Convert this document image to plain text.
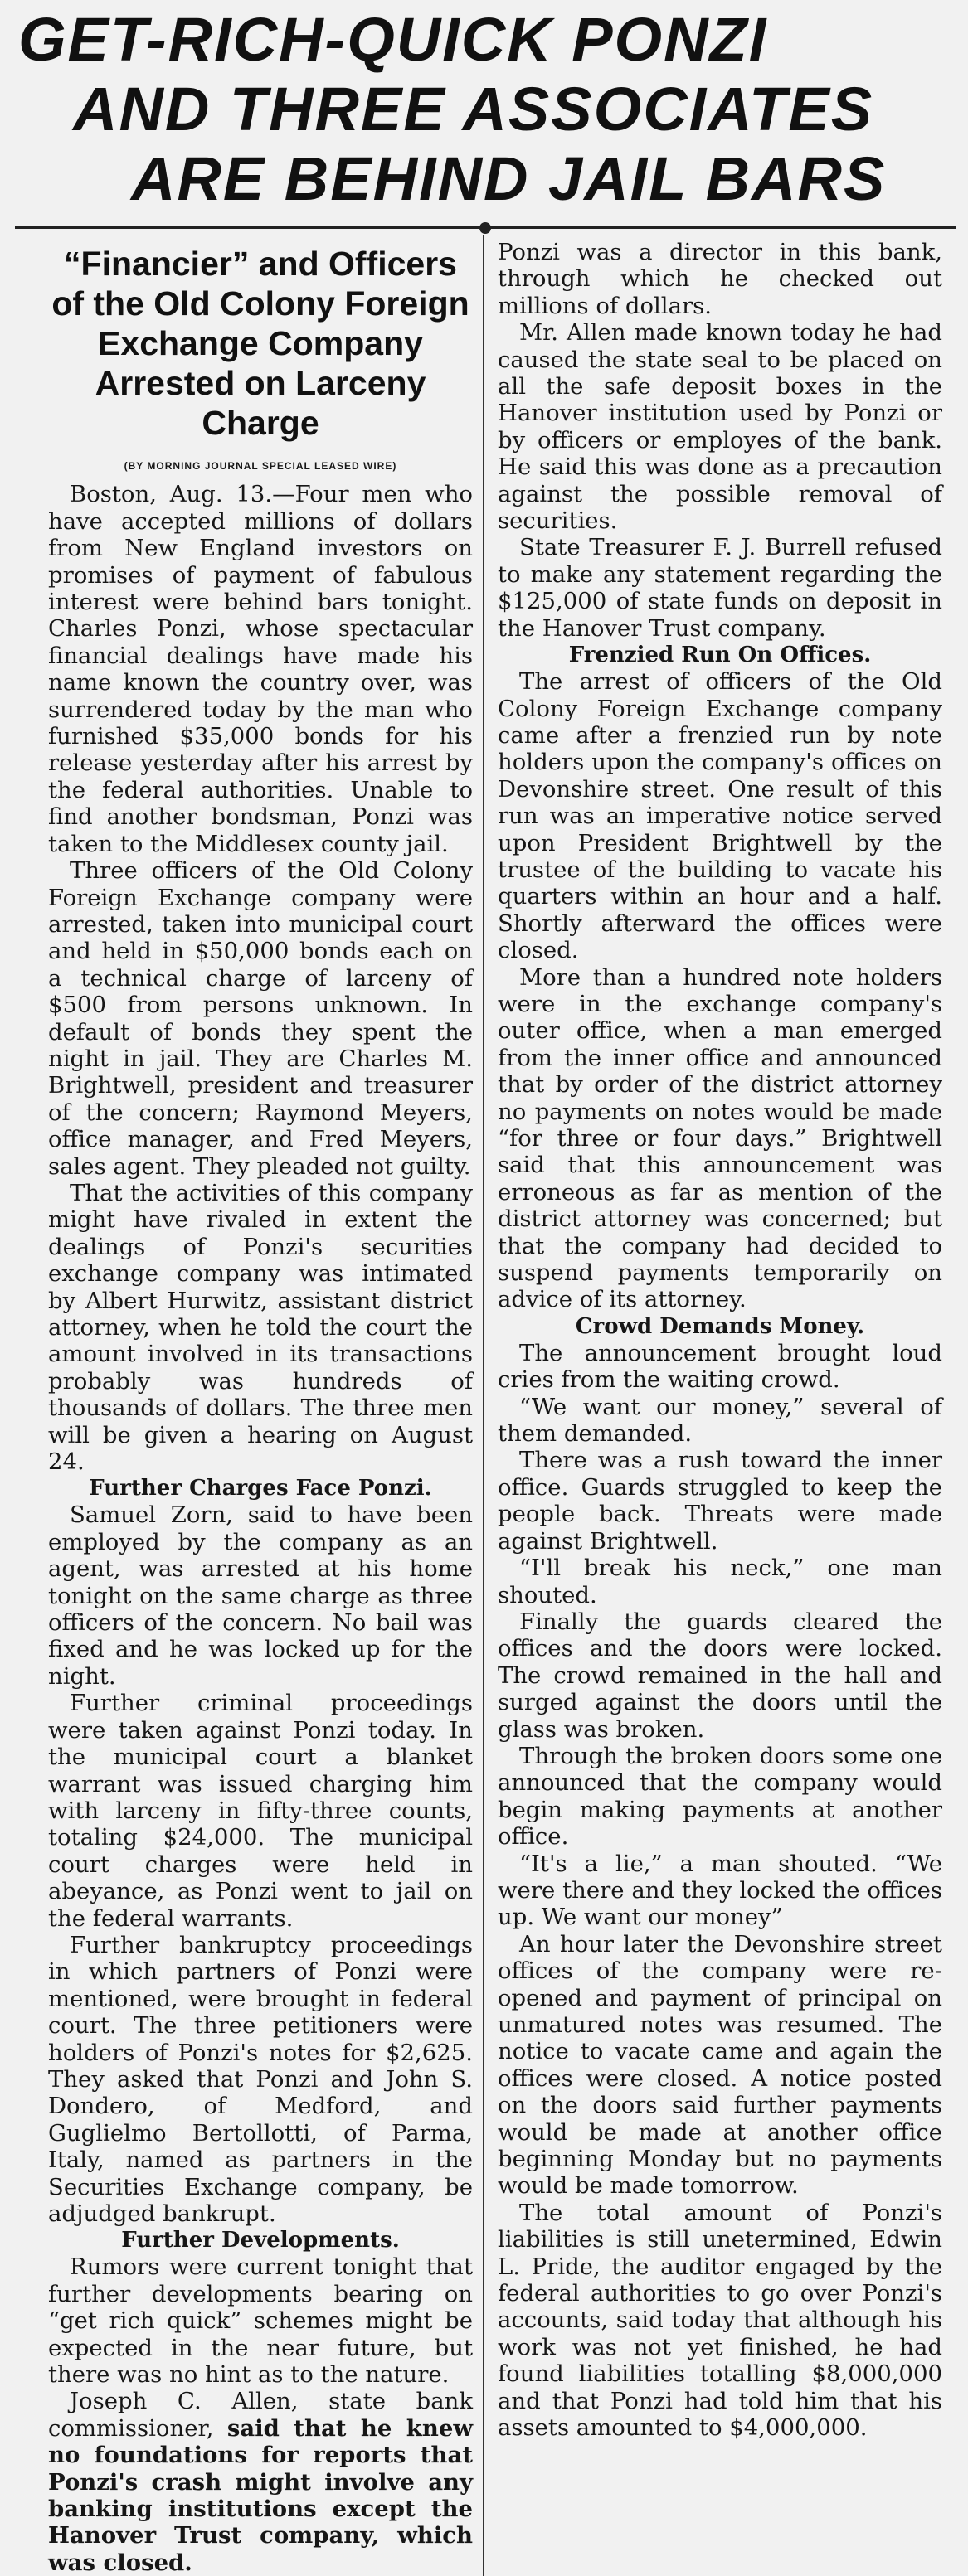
GET-RICH-QUICK PONZI
AND THREE ASSOCIATES
ARE BEHIND JAIL BARS
“Financier” and Officers of the Old Colony Foreign Exchange Company Arrested on Larceny Charge
(BY MORNING JOURNAL SPECIAL LEASED WIRE)

Boston, Aug. 13.—Four men who have accepted millions of dollars from New England investors on promises of payment of fabulous interest were behind bars tonight. Charles Ponzi, whose spectacular financial dealings have made his name known the country over, was surrendered today by the man who furnished $35,000 bonds for his release yesterday after his arrest by the federal authorities. Unable to find another bondsman, Ponzi was taken to the Middlesex county jail.

Three officers of the Old Colony Foreign Exchange company were arrested, taken into municipal court and held in $50,000 bonds each on a technical charge of larceny of $500 from persons unknown. In default of bonds they spent the night in jail. They are Charles M. Brightwell, president and treasurer of the concern; Raymond Meyers, office manager, and Fred Meyers, sales agent. They pleaded not guilty.

That the activities of this company might have rivaled in extent the dealings of Ponzi's securities exchange company was intimated by Albert Hurwitz, assistant district attorney, when he told the court the amount involved in its transactions probably was hundreds of thousands of dollars. The three men will be given a hearing on August 24.

Further Charges Face Ponzi.

Samuel Zorn, said to have been employed by the company as an agent, was arrested at his home tonight on the same charge as three officers of the concern. No bail was fixed and he was locked up for the night.

Further criminal proceedings were taken against Ponzi today. In the municipal court a blanket warrant was issued charging him with larceny in fifty-three counts, totaling $24,000. The municipal court charges were held in abeyance, as Ponzi went to jail on the federal warrants.

Further bankruptcy proceedings in which partners of Ponzi were mentioned, were brought in federal court. The three petitioners were holders of Ponzi's notes for $2,625. They asked that Ponzi and John S. Dondero, of Medford, and Guglielmo Bertollotti, of Parma, Italy, named as partners in the Securities Exchange company, be adjudged bankrupt.

Further Developments.

Rumors were current tonight that further developments bearing on “get rich quick” schemes might be expected in the near future, but there was no hint as to the nature.

Joseph C. Allen, state bank commissioner, said that he knew no foundations for reports that Ponzi's crash might involve any banking institutions except the Hanover Trust company, which was closed.

Ponzi was a director in this bank, through which he checked out millions of dollars.

Mr. Allen made known today he had caused the state seal to be placed on all the safe deposit boxes in the Hanover institution used by Ponzi or by officers or employes of the bank. He said this was done as a precaution against the possible removal of securities.

State Treasurer F. J. Burrell refused to make any statement regarding the $125,000 of state funds on deposit in the Hanover Trust company.

Frenzied Run On Offices.

The arrest of officers of the Old Colony Foreign Exchange company came after a frenzied run by note holders upon the company's offices on Devonshire street. One result of this run was an imperative notice served upon President Brightwell by the trustee of the building to vacate his quarters within an hour and a half. Shortly afterward the offices were closed.

More than a hundred note holders were in the exchange company's outer office, when a man emerged from the inner office and announced that by order of the district attorney no payments on notes would be made “for three or four days.” Brightwell said that this announcement was erroneous as far as mention of the district attorney was concerned; but that the company had decided to suspend payments temporarily on advice of its attorney.

Crowd Demands Money.

The announcement brought loud cries from the waiting crowd.

“We want our money,” several of them demanded.

There was a rush toward the inner office. Guards struggled to keep the people back. Threats were made against Brightwell.

“I'll break his neck,” one man shouted.

Finally the guards cleared the offices and the doors were locked. The crowd remained in the hall and surged against the doors until the glass was broken.

Through the broken doors some one announced that the company would begin making payments at another office.

“It's a lie,” a man shouted. “We were there and they locked the offices up. We want our money”

An hour later the Devonshire street offices of the company were re-opened and payment of principal on unmatured notes was resumed. The notice to vacate came and again the offices were closed. A notice posted on the doors said further payments would be made at another office beginning Monday but no payments would be made tomorrow.

The total amount of Ponzi's liabilities is still unetermined, Edwin L. Pride, the auditor engaged by the federal authorities to go over Ponzi's accounts, said today that although his work was not yet finished, he had found liabilities totalling $8,000,000 and that Ponzi had told him that his assets amounted to $4,000,000.
